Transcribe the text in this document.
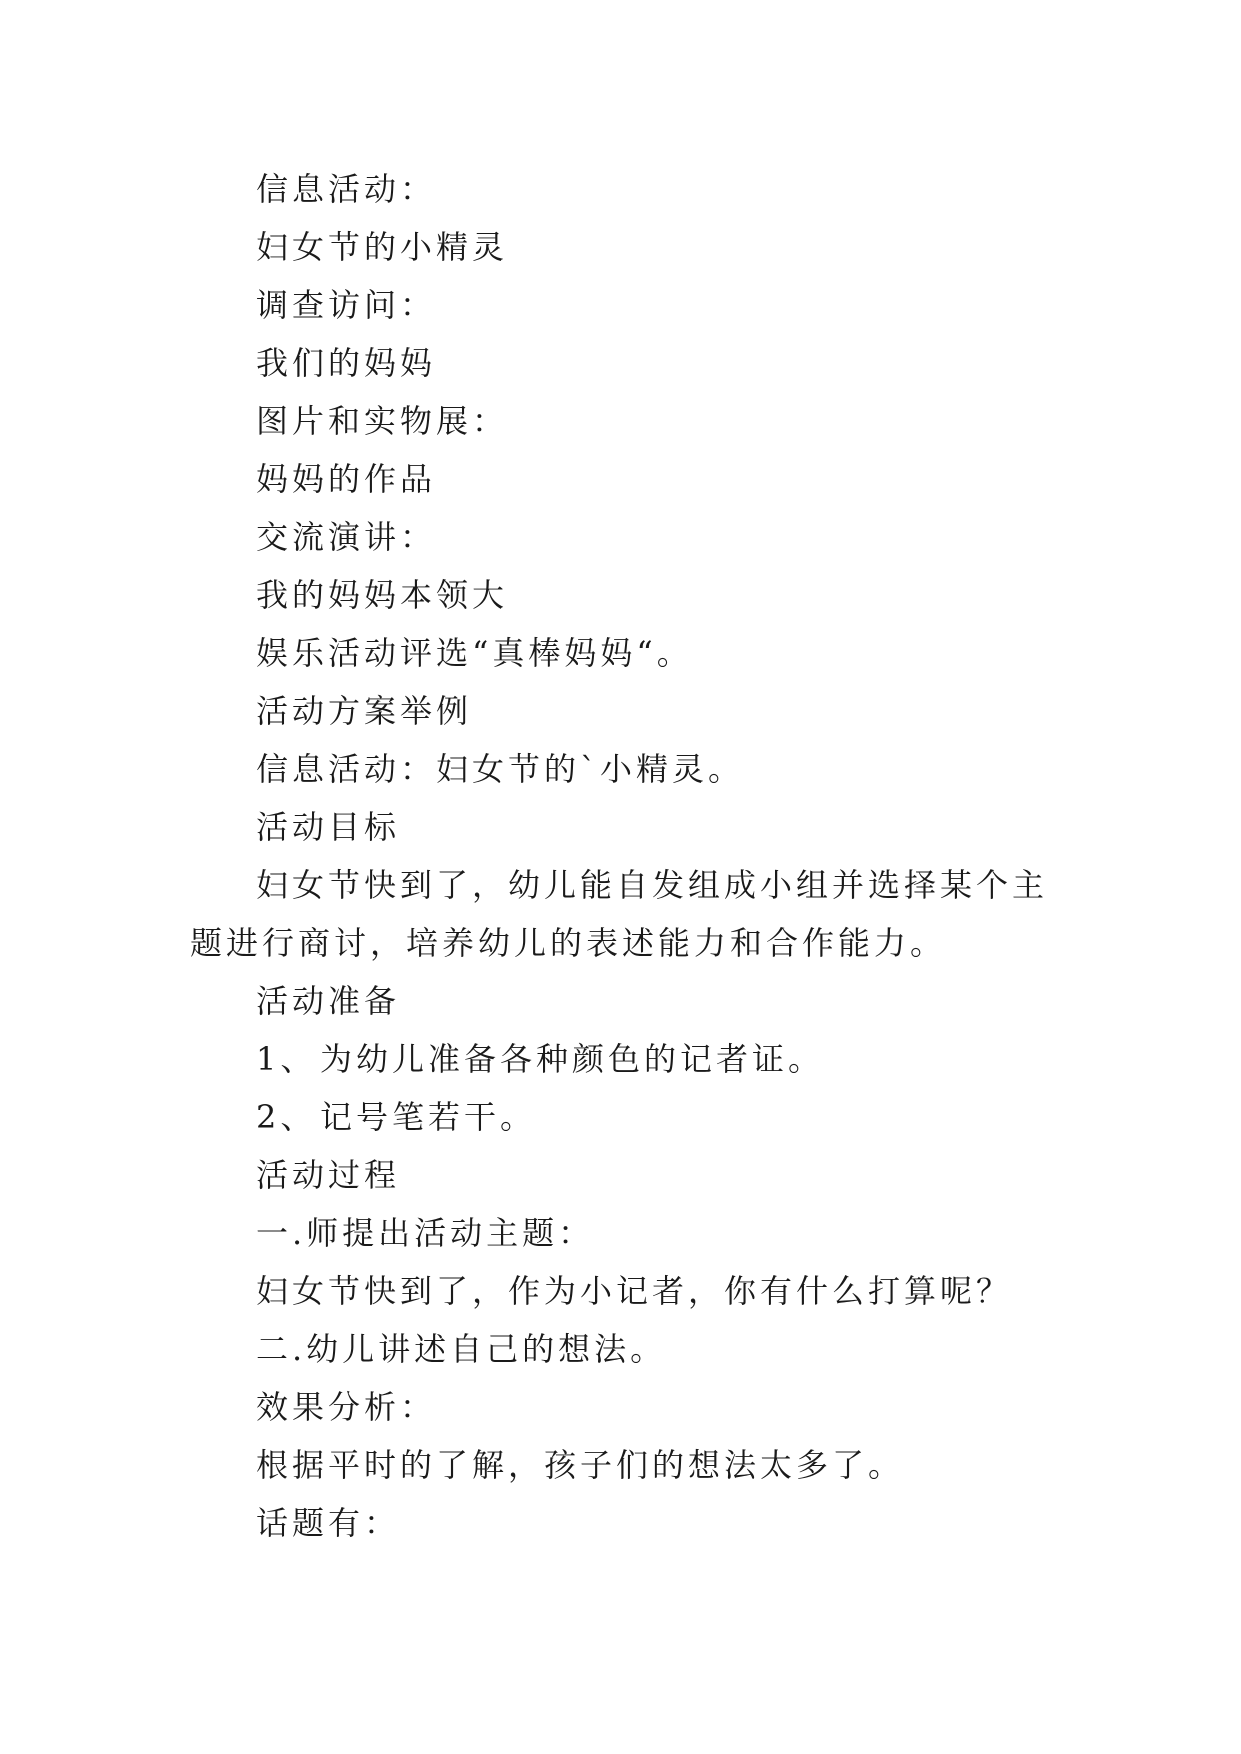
信息活动：
妇女节的小精灵
调查访问：
我们的妈妈
图片和实物展：
妈妈的作品
交流演讲：
我的妈妈本领大
娱乐活动评选“真棒妈妈“。
活动方案举例
信息活动：妇女节的`小精灵。
活动目标
妇女节快到了，幼儿能自发组成小组并选择某个主题进行商讨，培养幼儿的表述能力和合作能力。
活动准备
1、 为幼儿准备各种颜色的记者证。
2、 记号笔若干。
活动过程
一.师提出活动主题：
妇女节快到了，作为小记者，你有什么打算呢？
二.幼儿讲述自己的想法。
效果分析：
根据平时的了解，孩子们的想法太多了。
话题有：
